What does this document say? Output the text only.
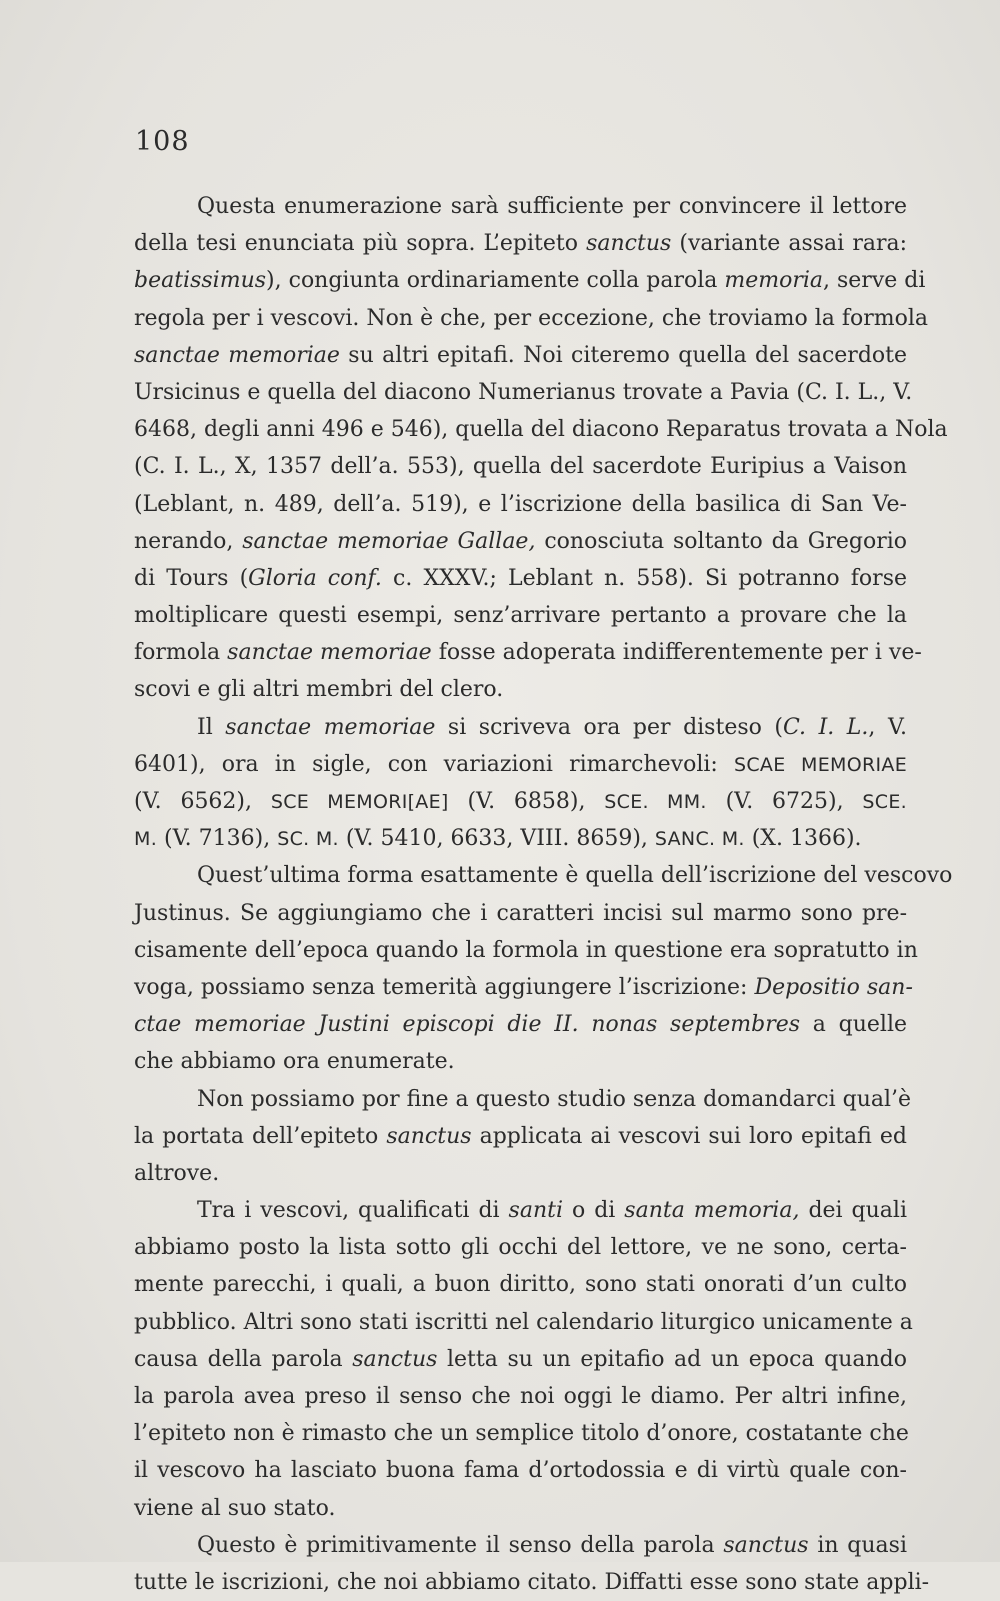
108
Questa enumerazione sarà sufficiente per convincere il lettore
della tesi enunciata più sopra. L’epiteto sanctus (variante assai rara:
beatissimus), congiunta ordinariamente colla parola memoria, serve di
regola per i vescovi. Non è che, per eccezione, che troviamo la formola
sanctae memoriae su altri epitafi. Noi citeremo quella del sacerdote
Ursicinus e quella del diacono Numerianus trovate a Pavia (C. I. L., V.
6468, degli anni 496 e 546), quella del diacono Reparatus trovata a Nola
(C. I. L., X, 1357 dell’a. 553), quella del sacerdote Euripius a Vaison
(Leblant, n. 489, dell’a. 519), e l’iscrizione della basilica di San Ve-
nerando, sanctae memoriae Gallae, conosciuta soltanto da Gregorio
di Tours (Gloria conf. c. XXXV.; Leblant n. 558). Si potranno forse
moltiplicare questi esempi, senz’arrivare pertanto a provare che la
formola sanctae memoriae fosse adoperata indifferentemente per i ve-
scovi e gli altri membri del clero.
Il sanctae memoriae si scriveva ora per disteso (C. I. L., V.
6401), ora in sigle, con variazioni rimarchevoli: SCAE MEMORIAE
(V. 6562), SCE MEMORI[AE] (V. 6858), SCE. MM. (V. 6725), SCE.
M. (V. 7136), SC. M. (V. 5410, 6633, VIII. 8659), SANC. M. (X. 1366).
Quest’ultima forma esattamente è quella dell’iscrizione del vescovo
Justinus. Se aggiungiamo che i caratteri incisi sul marmo sono pre-
cisamente dell’epoca quando la formola in questione era sopratutto in
voga, possiamo senza temerità aggiungere l’iscrizione: Depositio san-
ctae memoriae Justini episcopi die II. nonas septembres a quelle
che abbiamo ora enumerate.
Non possiamo por fine a questo studio senza domandarci qual’è
la portata dell’epiteto sanctus applicata ai vescovi sui loro epitafi ed
altrove.
Tra i vescovi, qualificati di santi o di santa memoria, dei quali
abbiamo posto la lista sotto gli occhi del lettore, ve ne sono, certa-
mente parecchi, i quali, a buon diritto, sono stati onorati d’un culto
pubblico. Altri sono stati iscritti nel calendario liturgico unicamente a
causa della parola sanctus letta su un epitafio ad un epoca quando
la parola avea preso il senso che noi oggi le diamo. Per altri infine,
l’epiteto non è rimasto che un semplice titolo d’onore, costatante che
il vescovo ha lasciato buona fama d’ortodossia e di virtù quale con-
viene al suo stato.
Questo è primitivamente il senso della parola sanctus in quasi
tutte le iscrizioni, che noi abbiamo citato. Diffatti esse sono state appli-
